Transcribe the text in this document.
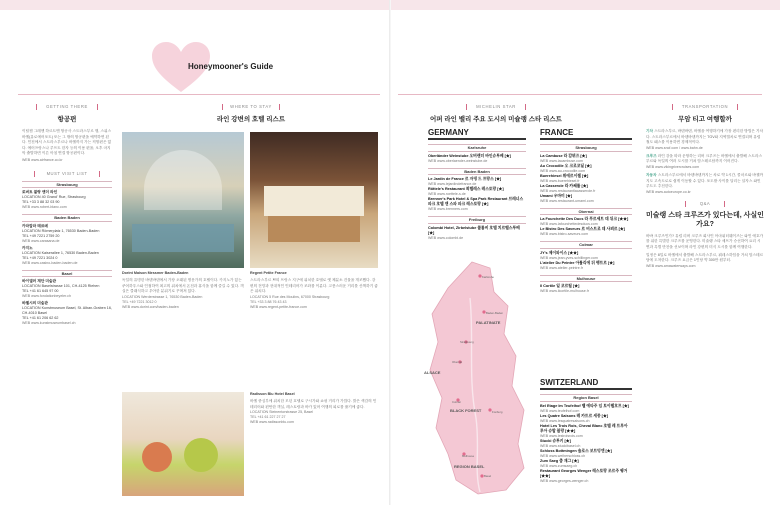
Honeymooner's Guide
GETTING THERE
항공편
이틸젬 그레헨 하르트맨 항공사 스트라스부르 행, 스위스 바젤(유로에어포트) 또는 그 밖의 항공편을 예약하면 된다. 인천에서 스트라스부르나 바젤까지 가는 직항편은 없다. 에어프랑스나 루프트 한자 등의 이용 편을, 오후 마지막 출발하면 이른 아침 연결 항공편이다.
WEB www.airfrance.co.kr
MUST VISIT LIST
Strasbourg
로버트 블랑 앤더 라인
LOCATION 40 Grand' Rue, Strasbourg
TEL +33 3 88 32 03 90
WEB www.robert-blanc.com
Baden Baden
카라칼라 테르메
LOCATION Römerplatz 1, 76530 Baden-Baden
TEL +49 7221 2759 20
WEB www.carasana.de
카지노
LOCATION Kaiserallee 1, 76530 Baden-Baden
TEL +49 7221 3024 0
WEB www.casino-baden-baden.de
Basel
바이엘러 재단 미술관
LOCATION Baselstrasse 101, CH-4125 Riehen
TEL +41 61 645 97 00
WEB www.fondationbeyeler.ch
바젤시의 미술관
LOCATION Kunstmuseum Basel, St. Alban-Graben 16, CH-4010 Basel
TEL +41 61 206 62 62
WEB www.kunstmuseumbasel.ch
WHERE TO STAY
라인 강변의 호텔 리스트
Dorint Maison Messmer Baden-Baden
독일의 유명한 바덴바덴에서 가장 오래된 명문가의 호텔이다. 카지노가 있는 쿠어하우스와 인접하여 최고의 위치에서 온천과 휴식을 함께 즐길 수 있다. 객실은 클래식하고 우아한 분위기로 꾸며져 있다.
LOCATION Werderstrasse 1, 76530 Baden-Baden
TEL +49 7221 3012 0
WEB www.dorint.com/baden-baden
Regent Petite France
스트라스부르 쁘띠 프랑스 지구에 위치한 호텔로 옛 제분소 건물을 개조했다. 강변의 전망과 현대적인 인테리어가 조화를 이룬다. 고풍스러운 거리를 산책하기 좋은 위치다.
LOCATION 5 Rue des Moulins, 67000 Strasbourg
TEL +33 3 88 76 43 43
WEB www.regent-petite-france.com
Radisson Blu Hotel Basel
바젤 중심부에 위치한 모던 호텔로 구시가와 쇼핑 거리가 가깝다. 밝은 색감의 인테리어와 편안한 객실, 레스토랑과 바가 있어 여행의 피로를 풀기에 좋다.
LOCATION Steinentorstrasse 25, Basel
TEL +41 61 227 27 27
WEB www.radissonblu.com
MICHELIN STAR
어퍼 라인 밸리 주요 도시의 미슐랭 스타 리스트
GERMANY
Karlsruhe
Oberländer Weinstube 오버랜더 바인슈투베 [★]
WEB www.oberlaender-weinstube.de
Baden Baden
Le Jardin de France 르 자댕 드 프랑스 [★]
WEB www.lejardindefrance.de
Röttele's Restaurant 뢰텔레스 레스토랑 [★]
WEB www.roettele-s.de
Brenner's Park Hotel & Spa Park Restaurant 브레너스 파크 호텔 앤 스파 파크 레스토랑 [★]
WEB www.brenners.com
Freiburg
Colombi Hotel, Zirbelstube 콜롬비 호텔 치르벨스투베 [★]
WEB www.colombi.de
FRANCE
Strasbourg
La Cambuse 라 캄뷔즈 [★]
WEB www.lacambuse.com
Au Crocodile 오 크로코딜 [★]
WEB www.au-crocodile.com
Buerehiesel 뷔에르이젤 [★]
WEB www.buerehiesel.fr
La Casserole 라 카쎄롤 [★]
WEB www.restaurantlacasserole.fr
Umami 우마미 [★]
WEB www.restaurant-umami.com
Obernai
La Fourchette Des Ducs 라 푸르셰트 데 뒤크 [★★]
WEB www.lafourchettedesducs.com
Le Bistro Des Saveurs 르 비스트로 데 사뵈르 [★]
WEB www.bistro-saveurs.com
Colmar
JY's 제이와이스 [★★]
WEB www.jean-yves-schillinger.com
L'atelier Du Peintre 아틀리에 뒤 팽트르 [★]
WEB www.atelier-peintre.fr
Mulhouse
Il Cortile 일 코르틸 [★]
WEB www.ilcortile-mulhouse.fr
SWITZERLAND
Region Basel
Bel Etage Im Teufelhof 벨 에타주 임 토이펠호프 [★]
WEB www.teufelhof.com
Les Quatre Saisons 레 카트르 세종 [★]
WEB www.lesquatresaisons.ch
Hotel Les Trois Rois, Cheval Blanc 호텔 레 트루아 루아 슈발 블랑 [★★]
WEB www.lestroisrois.com
Stucki 슈투키 [★]
WEB www.stuckibasel.ch
Schloss Bottmingen 슐로스 보트밍엔 [★]
WEB www.weiherschloss.ch
Zum Saeg 춤 재그 [★]
WEB www.zumsaeg.ch
Restaurant Georges Wenger 레스토랑 조르주 웽거 [★★]
WEB www.georges-wenger.ch
PALATINATE
ALSACE
BLACK FOREST
REGION BASEL
Karlsruhe
Baden-Baden
Strasbourg
Obernai
Colmar
Freiburg
Mulhouse
Basel
TRANSPORTATION
무암 티고 여행할까
기차 스트라스부르, 바덴바덴, 바젤을 여행하기에 가장 편리한 방법은 기차다. 스트라스부르에서 바덴바덴까지는 TGV와 지역열차로 연결되며 유럽 철도 패스를 이용하면 경제적이다.
WEB www.sncf.com / www.bahn.de
크루즈 라인 강을 따라 운항하는 리버 크루즈는 바젤에서 출발해 스트라스부르와 독일의 여러 도시를 거쳐 암스테르담까지 이어진다.
WEB www.vikingrivercruises.com
자동차 스트라스부르에서 바덴바덴까지는 차로 약 1시간, 콜마르와 바젤까지도 고속도로로 쉽게 이동할 수 있다. 포도밭 사이를 달리는 알자스 와인 루트도 추천한다.
WEB www.autoeurope.co.kr
Q&A
미술랭 스타 크루즈가 있다는데, 사실인가요?
바바 크루즈인가? 유럽 리버 크루즈 회사인 아마워터웨이즈는 와인 애호가를 위한 특별한 크루즈를 운영한다. 미슐랭 스타 셰프가 승선하여 요리 시연과 특별 만찬을 선보이며 라인 강변의 미식 도시를 함께 여행한다.
일정은 8일로 바젤에서 출발해 스트라스부르, 뤼데스하임을 거쳐 암스테르담에 도착한다. 크루즈 요금은 1인당 약 300만 원부터.
WEB www.amawaterways.com
